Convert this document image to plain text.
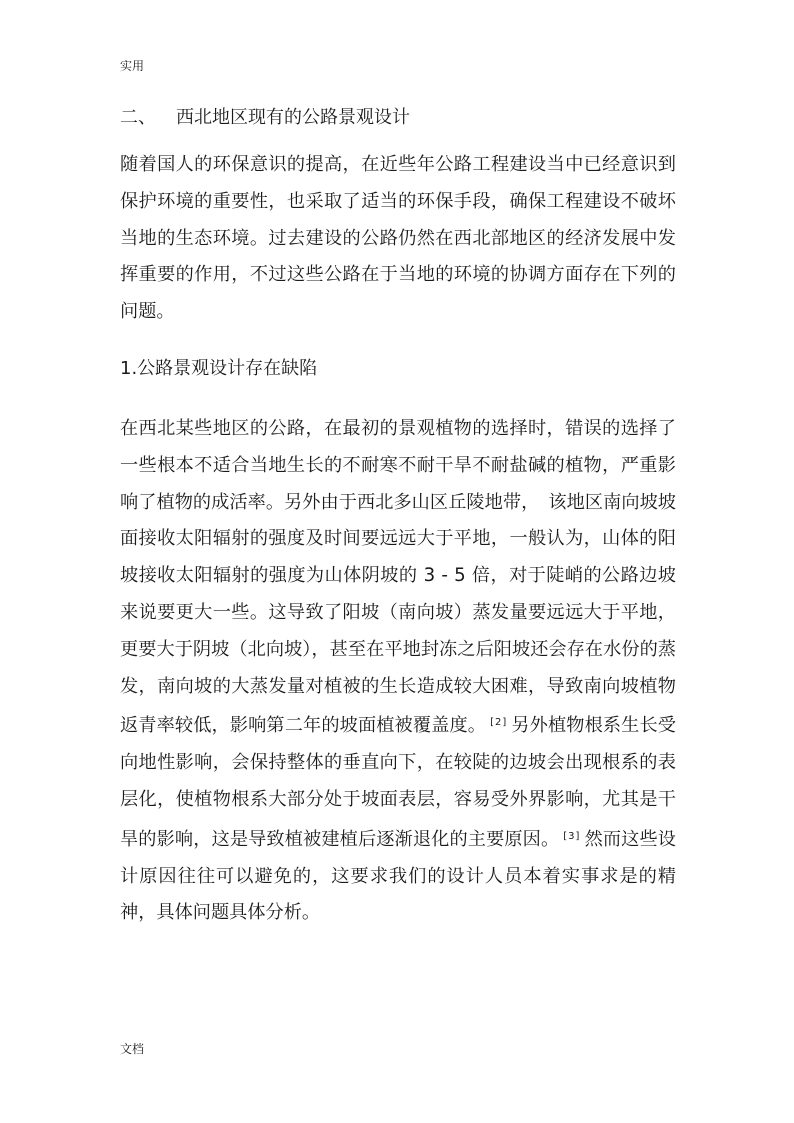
实用
二、 西北地区现有的公路景观设计
随着国人的环保意识的提高，在近些年公路工程建设当中已经意识到保护环境的重要性，也采取了适当的环保手段，确保工程建设不破坏当地的生态环境。过去建设的公路仍然在西北部地区的经济发展中发挥重要的作用，不过这些公路在于当地的环境的协调方面存在下列的问题。
1.公路景观设计存在缺陷
在西北某些地区的公路，在最初的景观植物的选择时，错误的选择了一些根本不适合当地生长的不耐寒不耐干旱不耐盐碱的植物，严重影响了植物的成活率。另外由于西北多山区丘陵地带，　该地区南向坡坡面接收太阳辐射的强度及时间要远远大于平地，一般认为，山体的阳坡接收太阳辐射的强度为山体阴坡的 3 - 5 倍，对于陡峭的公路边坡来说要更大一些。这导致了阳坡（南向坡）蒸发量要远远大于平地，更要大于阴坡（北向坡），甚至在平地封冻之后阳坡还会存在水份的蒸发，南向坡的大蒸发量对植被的生长造成较大困难，导致南向坡植物返青率较低，影响第二年的坡面植被覆盖度。 [2] 另外植物根系生长受向地性影响，会保持整体的垂直向下，在较陡的边坡会出现根系的表层化，使植物根系大部分处于坡面表层，容易受外界影响，尤其是干旱的影响，这是导致植被建植后逐渐退化的主要原因。 [3] 然而这些设计原因往往可以避免的，这要求我们的设计人员本着实事求是的精神，具体问题具体分析。
文档
